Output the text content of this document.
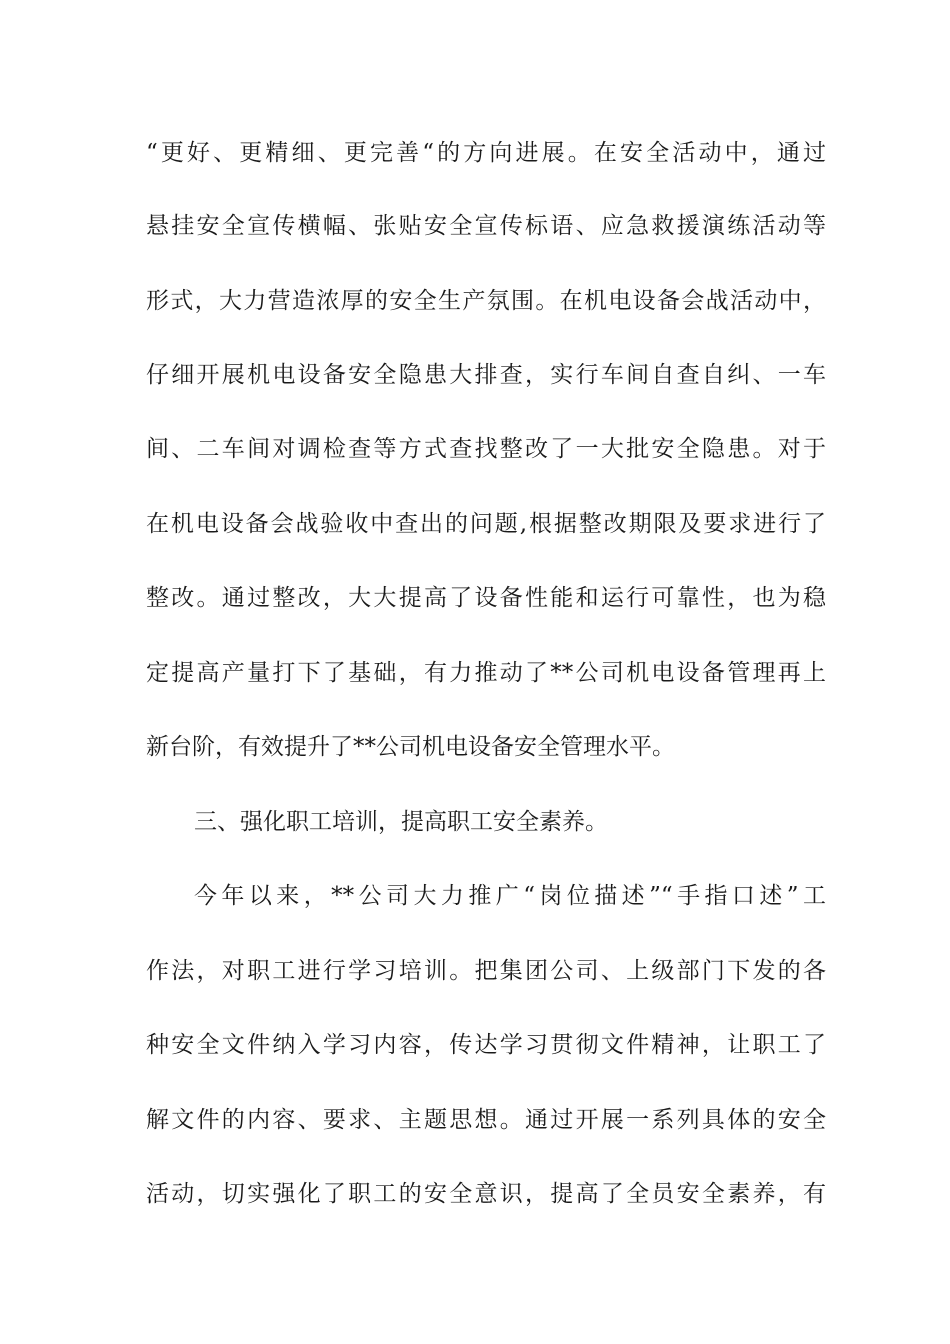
“更好、更精细、更完善“的方向进展。在安全活动中，通过
悬挂安全宣传横幅、张贴安全宣传标语、应急救援演练活动等
形式，大力营造浓厚的安全生产氛围。在机电设备会战活动中，
仔细开展机电设备安全隐患大排查，实行车间自查自纠、一车
间、二车间对调检查等方式查找整改了一大批安全隐患。对于
在机电设备会战验收中查出的问题,根据整改期限及要求进行了
整改。通过整改，大大提高了设备性能和运行可靠性，也为稳
定提高产量打下了基础，有力推动了**公司机电设备管理再上
新台阶，有效提升了**公司机电设备安全管理水平。
三、强化职工培训，提高职工安全素养。
今年以来，**公司大力推广“岗位描述”“手指口述”工
作法，对职工进行学习培训。把集团公司、上级部门下发的各
种安全文件纳入学习内容，传达学习贯彻文件精神，让职工了
解文件的内容、要求、主题思想。通过开展一系列具体的安全
活动，切实强化了职工的安全意识，提高了全员安全素养，有
